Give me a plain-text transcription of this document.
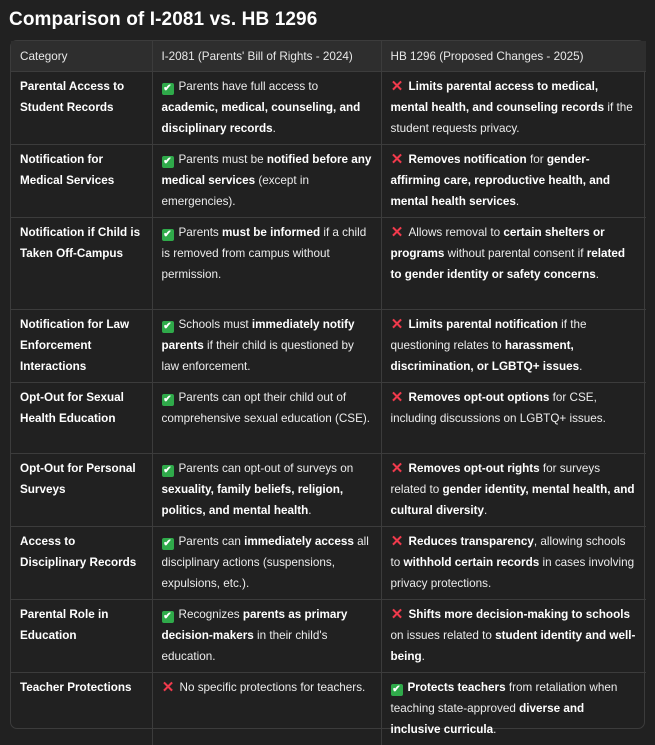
Comparison of I-2081 vs. HB 1296
Category	I-2081 (Parents' Bill of Rights - 2024)	HB 1296 (Proposed Changes - 2025)
Parental Access to Student Records	✔ Parents have full access to academic, medical, counseling, and disciplinary records.	✕ Limits parental access to medical, mental health, and counseling records if the student requests privacy.
Notification for Medical Services	✔ Parents must be notified before any medical services (except in emergencies).	✕ Removes notification for gender-affirming care, reproductive health, and mental health services.
Notification if Child is Taken Off-Campus	✔ Parents must be informed if a child is removed from campus without permission.	✕ Allows removal to certain shelters or programs without parental consent if related to gender identity or safety concerns.
Notification for Law Enforcement Interactions	✔ Schools must immediately notify parents if their child is questioned by law enforcement.	✕ Limits parental notification if the questioning relates to harassment, discrimination, or LGBTQ+ issues.
Opt-Out for Sexual Health Education	✔ Parents can opt their child out of comprehensive sexual education (CSE).	✕ Removes opt-out options for CSE, including discussions on LGBTQ+ issues.
Opt-Out for Personal Surveys	✔ Parents can opt-out of surveys on sexuality, family beliefs, religion, politics, and mental health.	✕ Removes opt-out rights for surveys related to gender identity, mental health, and cultural diversity.
Access to Disciplinary Records	✔ Parents can immediately access all disciplinary actions (suspensions, expulsions, etc.).	✕ Reduces transparency, allowing schools to withhold certain records in cases involving privacy protections.
Parental Role in Education	✔ Recognizes parents as primary decision-makers in their child's education.	✕ Shifts more decision-making to schools on issues related to student identity and well-being.
Teacher Protections	✕ No specific protections for teachers.	✔ Protects teachers from retaliation when teaching state-approved diverse and inclusive curricula.
